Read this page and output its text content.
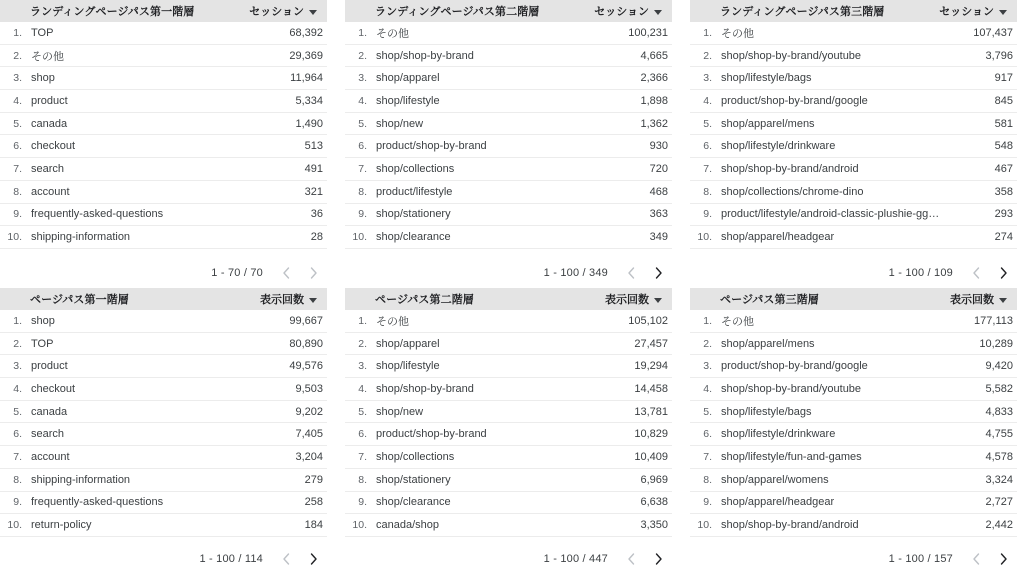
ランディングページパス第一階層	セッション
1. TOP	68,392
2. その他	29,369
3. shop	11,964
4. product	5,334
5. canada	1,490
6. checkout	513
7. search	491
8. account	321
9. frequently-asked-questions	36
10. shipping-information	28
1 - 70 / 70
ランディングページパス第二階層	セッション
1. その他	100,231
2. shop/shop-by-brand	4,665
3. shop/apparel	2,366
4. shop/lifestyle	1,898
5. shop/new	1,362
6. product/shop-by-brand	930
7. shop/collections	720
8. product/lifestyle	468
9. shop/stationery	363
10. shop/clearance	349
1 - 100 / 349
ランディングページパス第三階層	セッション
1. その他	107,437
2. shop/shop-by-brand/youtube	3,796
3. shop/lifestyle/bags	917
4. product/shop-by-brand/google	845
5. shop/apparel/mens	581
6. shop/lifestyle/drinkware	548
7. shop/shop-by-brand/android	467
8. shop/collections/chrome-dino	358
9. product/lifestyle/android-classic-plushie-gg…	293
10. shop/apparel/headgear	274
1 - 100 / 109
ページパス第一階層	表示回数
1. shop	99,667
2. TOP	80,890
3. product	49,576
4. checkout	9,503
5. canada	9,202
6. search	7,405
7. account	3,204
8. shipping-information	279
9. frequently-asked-questions	258
10. return-policy	184
1 - 100 / 114
ページパス第二階層	表示回数
1. その他	105,102
2. shop/apparel	27,457
3. shop/lifestyle	19,294
4. shop/shop-by-brand	14,458
5. shop/new	13,781
6. product/shop-by-brand	10,829
7. shop/collections	10,409
8. shop/stationery	6,969
9. shop/clearance	6,638
10. canada/shop	3,350
1 - 100 / 447
ページパス第三階層	表示回数
1. その他	177,113
2. shop/apparel/mens	10,289
3. product/shop-by-brand/google	9,420
4. shop/shop-by-brand/youtube	5,582
5. shop/lifestyle/bags	4,833
6. shop/lifestyle/drinkware	4,755
7. shop/lifestyle/fun-and-games	4,578
8. shop/apparel/womens	3,324
9. shop/apparel/headgear	2,727
10. shop/shop-by-brand/android	2,442
1 - 100 / 157
